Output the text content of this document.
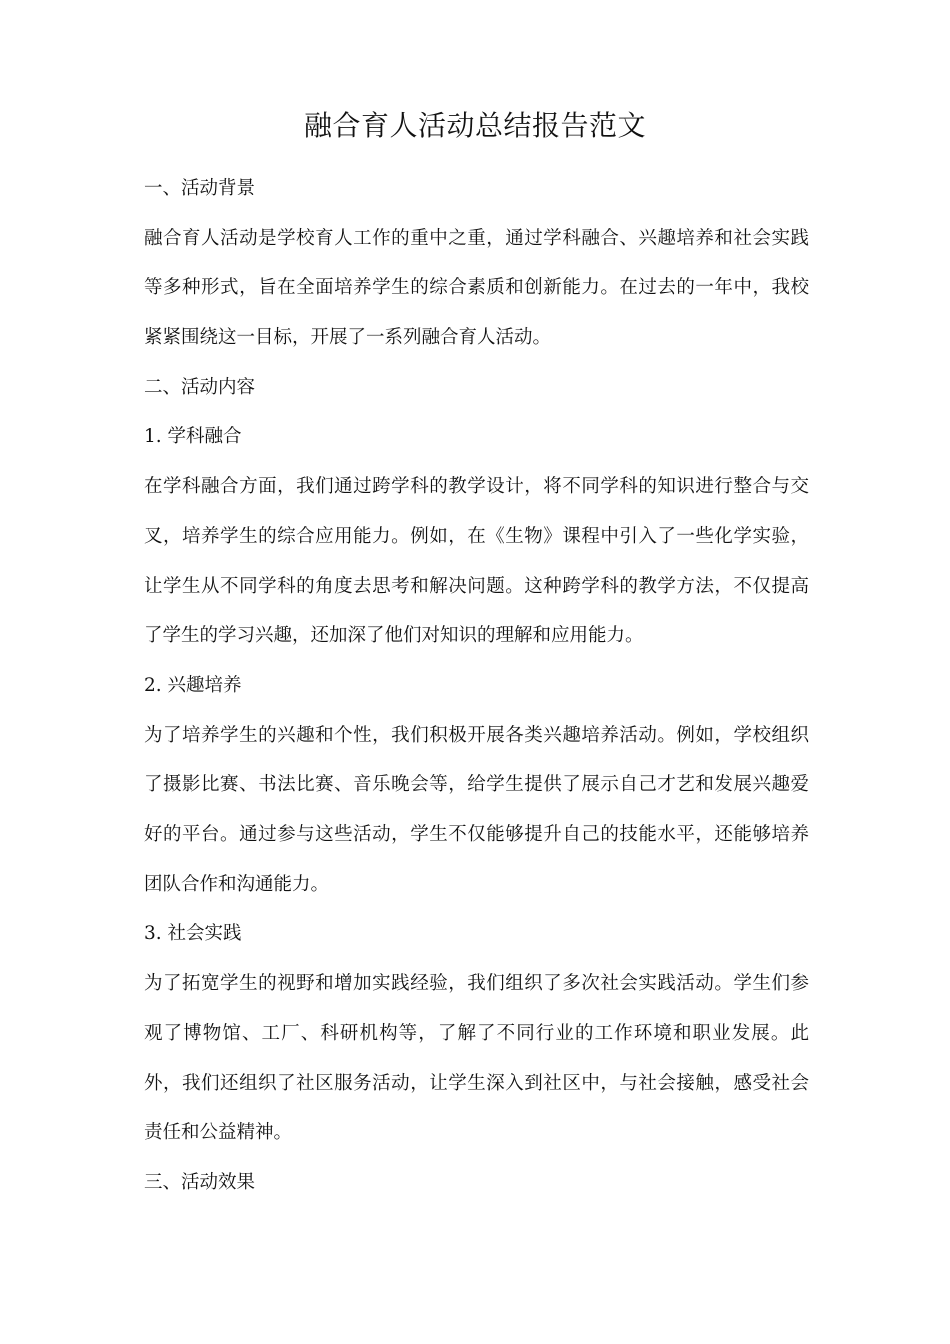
融合育人活动总结报告范文

一、活动背景

融合育人活动是学校育人工作的重中之重，通过学科融合、兴趣培养和社会实践等多种形式，旨在全面培养学生的综合素质和创新能力。在过去的一年中，我校紧紧围绕这一目标，开展了一系列融合育人活动。

二、活动内容

1. 学科融合

在学科融合方面，我们通过跨学科的教学设计，将不同学科的知识进行整合与交叉，培养学生的综合应用能力。例如，在《生物》课程中引入了一些化学实验，让学生从不同学科的角度去思考和解决问题。这种跨学科的教学方法，不仅提高了学生的学习兴趣，还加深了他们对知识的理解和应用能力。

2. 兴趣培养

为了培养学生的兴趣和个性，我们积极开展各类兴趣培养活动。例如，学校组织了摄影比赛、书法比赛、音乐晚会等，给学生提供了展示自己才艺和发展兴趣爱好的平台。通过参与这些活动，学生不仅能够提升自己的技能水平，还能够培养团队合作和沟通能力。

3. 社会实践

为了拓宽学生的视野和增加实践经验，我们组织了多次社会实践活动。学生们参观了博物馆、工厂、科研机构等，了解了不同行业的工作环境和职业发展。此外，我们还组织了社区服务活动，让学生深入到社区中，与社会接触，感受社会责任和公益精神。

三、活动效果
